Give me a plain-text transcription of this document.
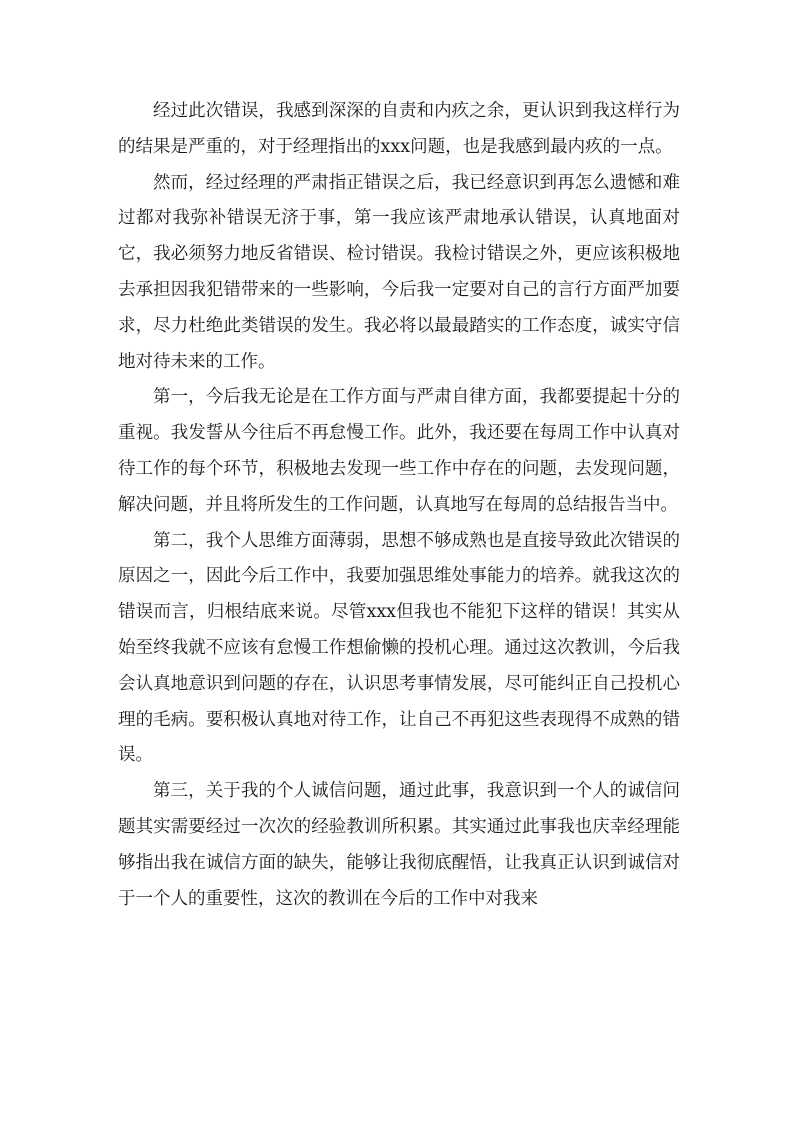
经过此次错误，我感到深深的自责和内疚之余，更认识到我这样行为的结果是严重的，对于经理指出的xxx问题，也是我感到最内疚的一点。

然而，经过经理的严肃指正错误之后，我已经意识到再怎么遗憾和难过都对我弥补错误无济于事，第一我应该严肃地承认错误，认真地面对它，我必须努力地反省错误、检讨错误。我检讨错误之外，更应该积极地去承担因我犯错带来的一些影响，今后我一定要对自己的言行方面严加要求，尽力杜绝此类错误的发生。我必将以最最踏实的工作态度，诚实守信地对待未来的工作。

第一，今后我无论是在工作方面与严肃自律方面，我都要提起十分的重视。我发誓从今往后不再怠慢工作。此外，我还要在每周工作中认真对待工作的每个环节，积极地去发现一些工作中存在的问题，去发现问题，解决问题，并且将所发生的工作问题，认真地写在每周的总结报告当中。

第二，我个人思维方面薄弱，思想不够成熟也是直接导致此次错误的原因之一，因此今后工作中，我要加强思维处事能力的培养。就我这次的错误而言，归根结底来说。尽管xxx但我也不能犯下这样的错误！其实从始至终我就不应该有怠慢工作想偷懒的投机心理。通过这次教训，今后我会认真地意识到问题的存在，认识思考事情发展，尽可能纠正自己投机心理的毛病。要积极认真地对待工作，让自己不再犯这些表现得不成熟的错误。

第三，关于我的个人诚信问题，通过此事，我意识到一个人的诚信问题其实需要经过一次次的经验教训所积累。其实通过此事我也庆幸经理能够指出我在诚信方面的缺失，能够让我彻底醒悟，让我真正认识到诚信对于一个人的重要性，这次的教训在今后的工作中对我来
